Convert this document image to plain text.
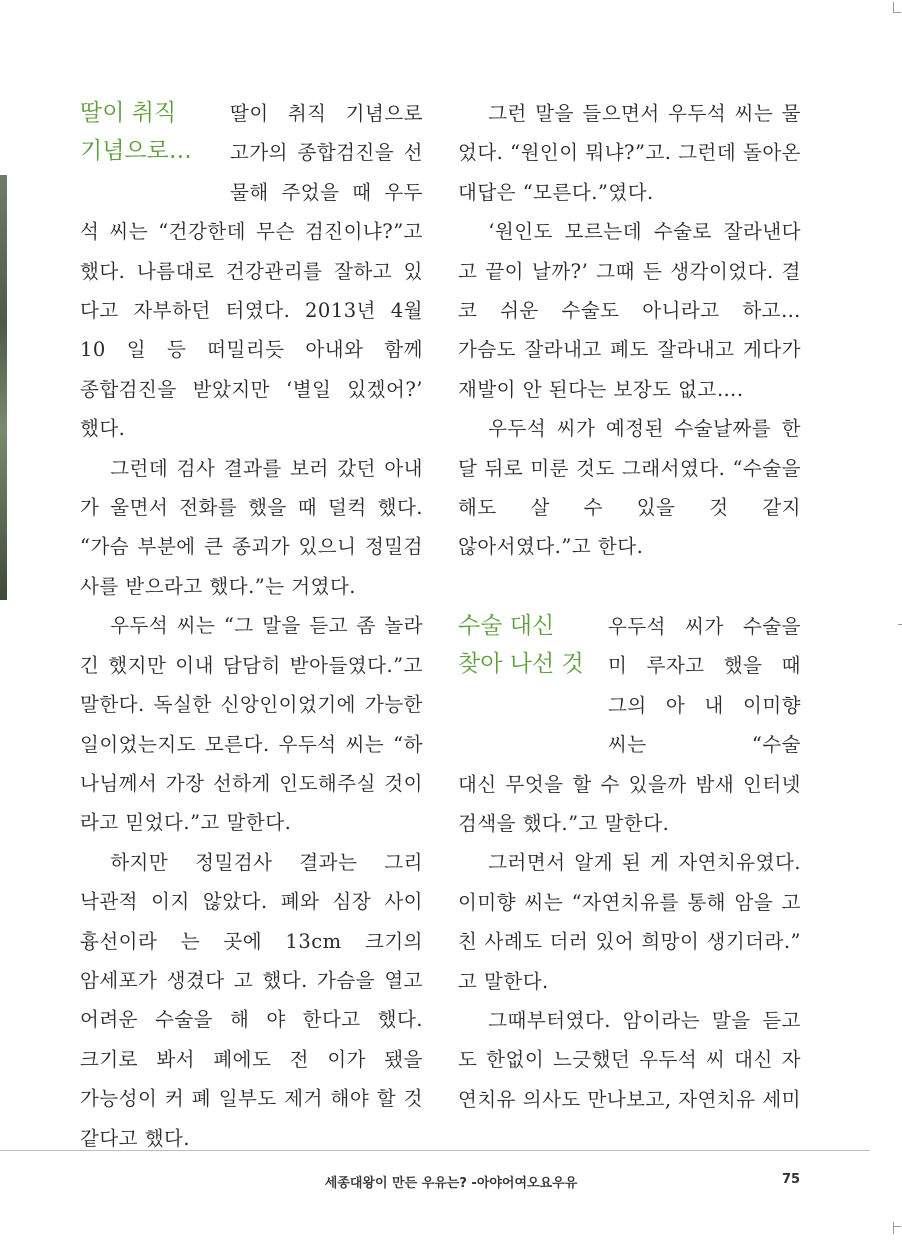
딸이 취직
기념으로…

딸이 취직 기념으로 고가의 종합검진을 선 물해 주었을 때 우두

석 씨는 “건강한데 무슨 검진이냐?”고 했다. 나름대로 건강관리를 잘하고 있 다고 자부하던 터였다. 2013년 4월 10 일 등 떠밀리듯 아내와 함께 종합검진을 받았지만 ‘별일 있겠어?’ 했다.

그런데 검사 결과를 보러 갔던 아내 가 울면서 전화를 했을 때 덜컥 했다. “가슴 부분에 큰 종괴가 있으니 정밀검 사를 받으라고 했다.”는 거였다.

우두석 씨는 “그 말을 듣고 좀 놀라 긴 했지만 이내 담담히 받아들였다.”고 말한다. 독실한 신앙인이었기에 가능한 일이었는지도 모른다. 우두석 씨는 “하 나님께서 가장 선하게 인도해주실 것이 라고 믿었다.”고 말한다.

하지만 정밀검사 결과는 그리 낙관적 이지 않았다. 폐와 심장 사이 흉선이라 는 곳에 13cm 크기의 암세포가 생겼다 고 했다. 가슴을 열고 어려운 수술을 해 야 한다고 했다. 크기로 봐서 폐에도 전 이가 됐을 가능성이 커 폐 일부도 제거 해야 할 것 같다고 했다.

그런 말을 들으면서 우두석 씨는 물 었다. “원인이 뭐냐?”고. 그런데 돌아온 대답은 “모른다.”였다.

‘원인도 모르는데 수술로 잘라낸다 고 끝이 날까?’ 그때 든 생각이었다. 결 코 쉬운 수술도 아니라고 하고… 가슴도 잘라내고 폐도 잘라내고 게다가 재발이 안 된다는 보장도 없고….

우두석 씨가 예정된 수술날짜를 한 달 뒤로 미룬 것도 그래서였다. “수술을 해도 살 수 있을 것 같지 않아서였다.”고 한다.

수술 대신
찾아 나선 것

우두석 씨가 수술을 미 루자고 했을 때 그의 아 내 이미향 씨는 “수술

대신 무엇을 할 수 있을까 밤새 인터넷 검색을 했다.”고 말한다.

그러면서 알게 된 게 자연치유였다. 이미향 씨는 “자연치유를 통해 암을 고 친 사례도 더러 있어 희망이 생기더라.” 고 말한다.

그때부터였다. 암이라는 말을 듣고 도 한없이 느긋했던 우두석 씨 대신 자 연치유 의사도 만나보고, 자연치유 세미

세종대왕이 만든 우유는? -아야어여오요우유	75
